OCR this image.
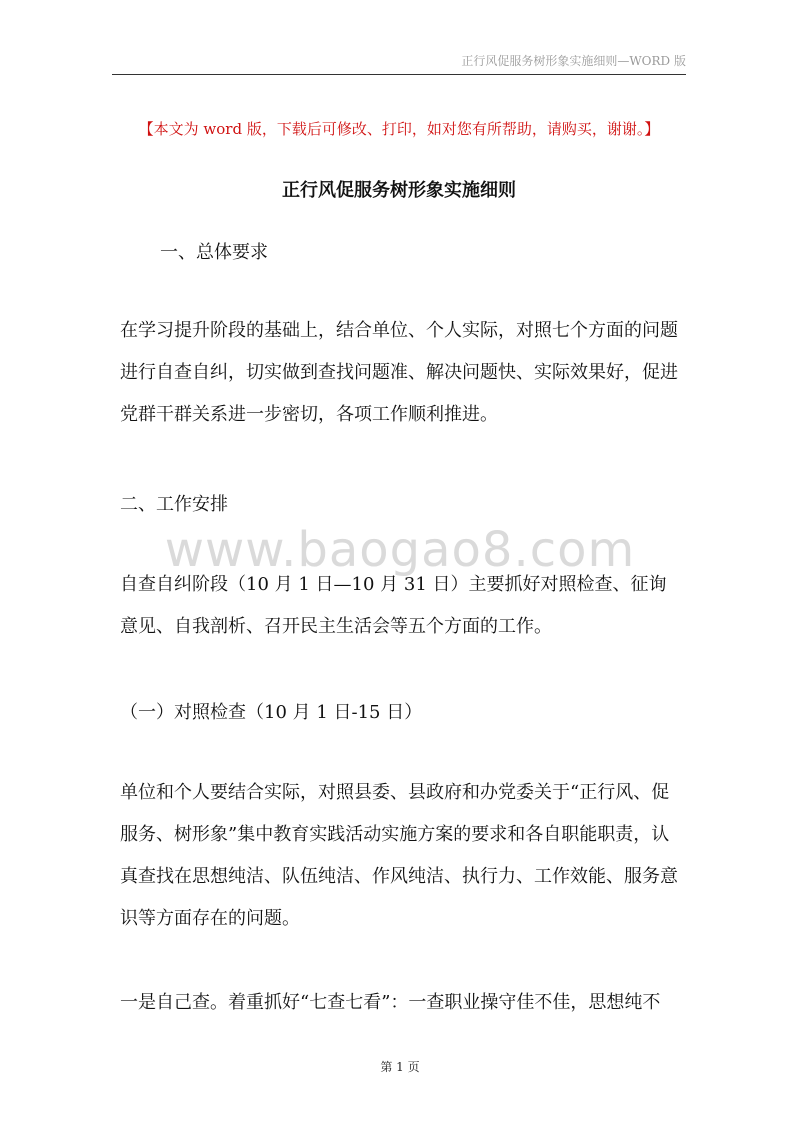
正行风促服务树形象实施细则—WORD 版
【本文为 word 版，下载后可修改、打印，如对您有所帮助，请购买，谢谢。】
正行风促服务树形象实施细则
一、总体要求
在学习提升阶段的基础上，结合单位、个人实际，对照七个方面的问题进行自查自纠，切实做到查找问题准、解决问题快、实际效果好，促进党群干群关系进一步密切，各项工作顺利推进。
二、工作安排
www.baogao8.com
自查自纠阶段（10 月 1 日—10 月 31 日）主要抓好对照检查、征询意见、自我剖析、召开民主生活会等五个方面的工作。
（一）对照检查（10 月 1 日-15 日）
单位和个人要结合实际，对照县委、县政府和办党委关于“正行风、促服务、树形象”集中教育实践活动实施方案的要求和各自职能职责，认真查找在思想纯洁、队伍纯洁、作风纯洁、执行力、工作效能、服务意识等方面存在的问题。
一是自己查。着重抓好“七查七看”：一查职业操守佳不佳，思想纯不
第 1 页
